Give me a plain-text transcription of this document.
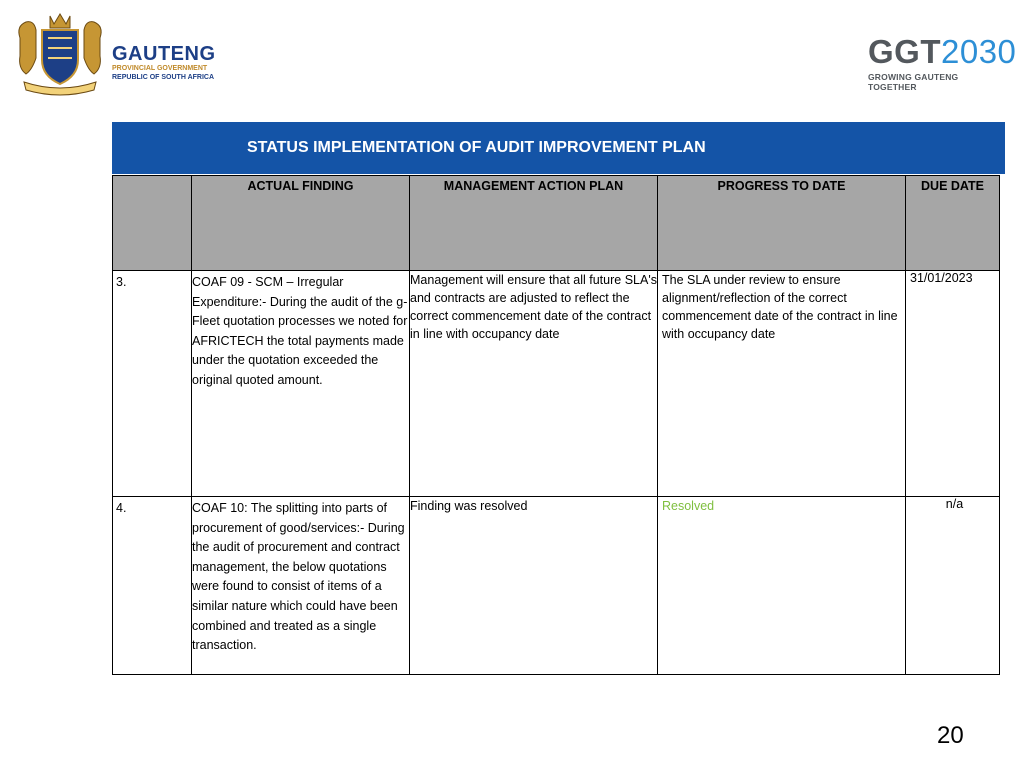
GAUTENG
PROVINCIAL GOVERNMENT
REPUBLIC OF SOUTH AFRICA
GGT2030
GROWING GAUTENG TOGETHER
STATUS IMPLEMENTATION OF AUDIT IMPROVEMENT PLAN
	ACTUAL FINDING	MANAGEMENT ACTION PLAN	PROGRESS TO DATE	DUE DATE
3.	COAF 09 - SCM – Irregular Expenditure:- During the audit of the g-Fleet quotation processes we noted for AFRICTECH the total payments made under the quotation exceeded the original quoted amount.	Management will ensure that all future SLA's and contracts are adjusted to reflect the correct commencement date of the contract in line with occupancy date	The SLA under review to ensure alignment/reflection of the correct commencement date of the contract in line with occupancy date	31/01/2023
4.	COAF 10: The splitting into parts of procurement of good/services:- During the audit of procurement and contract management, the below quotations were found to consist of items of a similar nature which could have been combined and treated as a single transaction.	Finding was resolved	Resolved	n/a
20
